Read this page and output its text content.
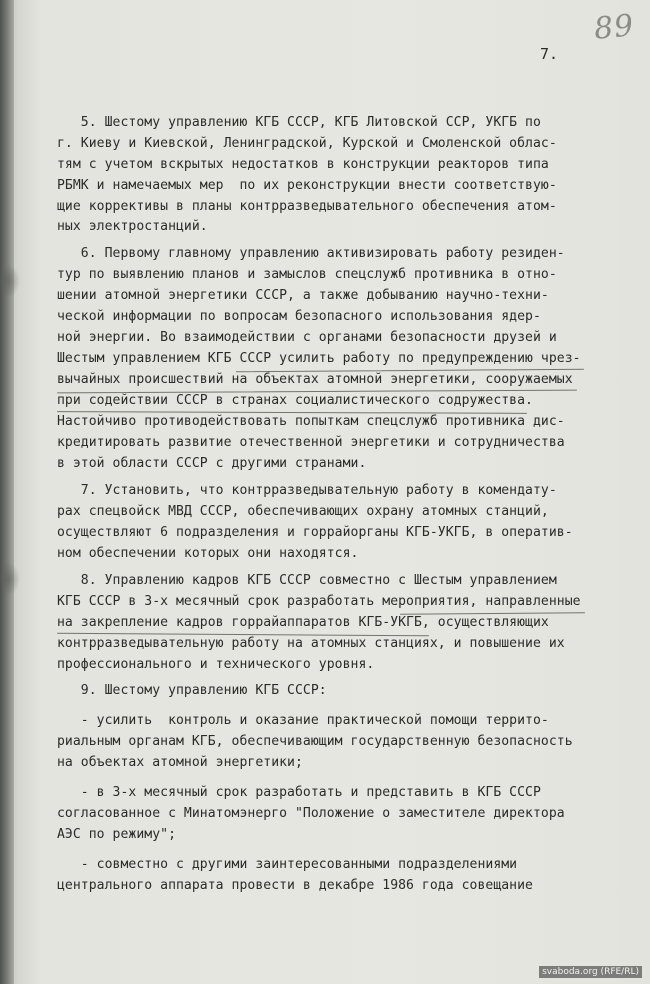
89
7.
5. Шестому управлению КГБ СССР, КГБ Литовской ССР, УКГБ по
г. Киеву и Киевской, Ленинградской, Курской и Смоленской облас-
тям с учетом вскрытых недостатков в конструкции реакторов типа
РБМК и намечаемых мер  по их реконструкции внести соответствую-
щие коррективы в планы контрразведывательного обеспечения атом-
ных электростанций.
6. Первому главному управлению активизировать работу резиден-
тур по выявлению планов и замыслов спецслужб противника в отно-
шении атомной энергетики СССР, а также добыванию научно-техни-
ческой информации по вопросам безопасного использования ядер-
ной энергии. Во взаимодействии с органами безопасности друзей и
Шестым управлением КГБ СССР усилить работу по предупреждению чрез-
вычайных происшествий на объектах атомной энергетики, сооружаемых
при содействии СССР в странах социалистического содружества.
Настойчиво противодействовать попыткам спецслужб противника дис-
кредитировать развитие отечественной энергетики и сотрудничества
в этой области СССР с другими странами.
7. Установить, что контрразведывательную работу в комендату-
рах спецвойск МВД СССР, обеспечивающих охрану атомных станций,
осуществляют 6 подразделения и горрайорганы КГБ-УКГБ, в оператив-
ном обеспечении которых они находятся.
8. Управлению кадров КГБ СССР совместно с Шестым управлением
КГБ СССР в 3-х месячный срок разработать мероприятия, направленные
на закрепление кадров горрайаппаратов КГБ-УКГБ, осуществляющих
контрразведывательную работу на атомных станциях, и повышение их
профессионального и технического уровня.
9. Шестому управлению КГБ СССР:
- усилить  контроль и оказание практической помощи террито-
риальным органам КГБ, обеспечивающим государственную безопасность
на объектах атомной энергетики;
- в 3-х месячный срок разработать и представить в КГБ СССР
согласованное с Минатомэнерго "Положение о заместителе директора
АЭС по режиму";
- совместно с другими заинтересованными подразделениями
центрального аппарата провести в декабре 1986 года совещание
svaboda.org (RFE/RL)
